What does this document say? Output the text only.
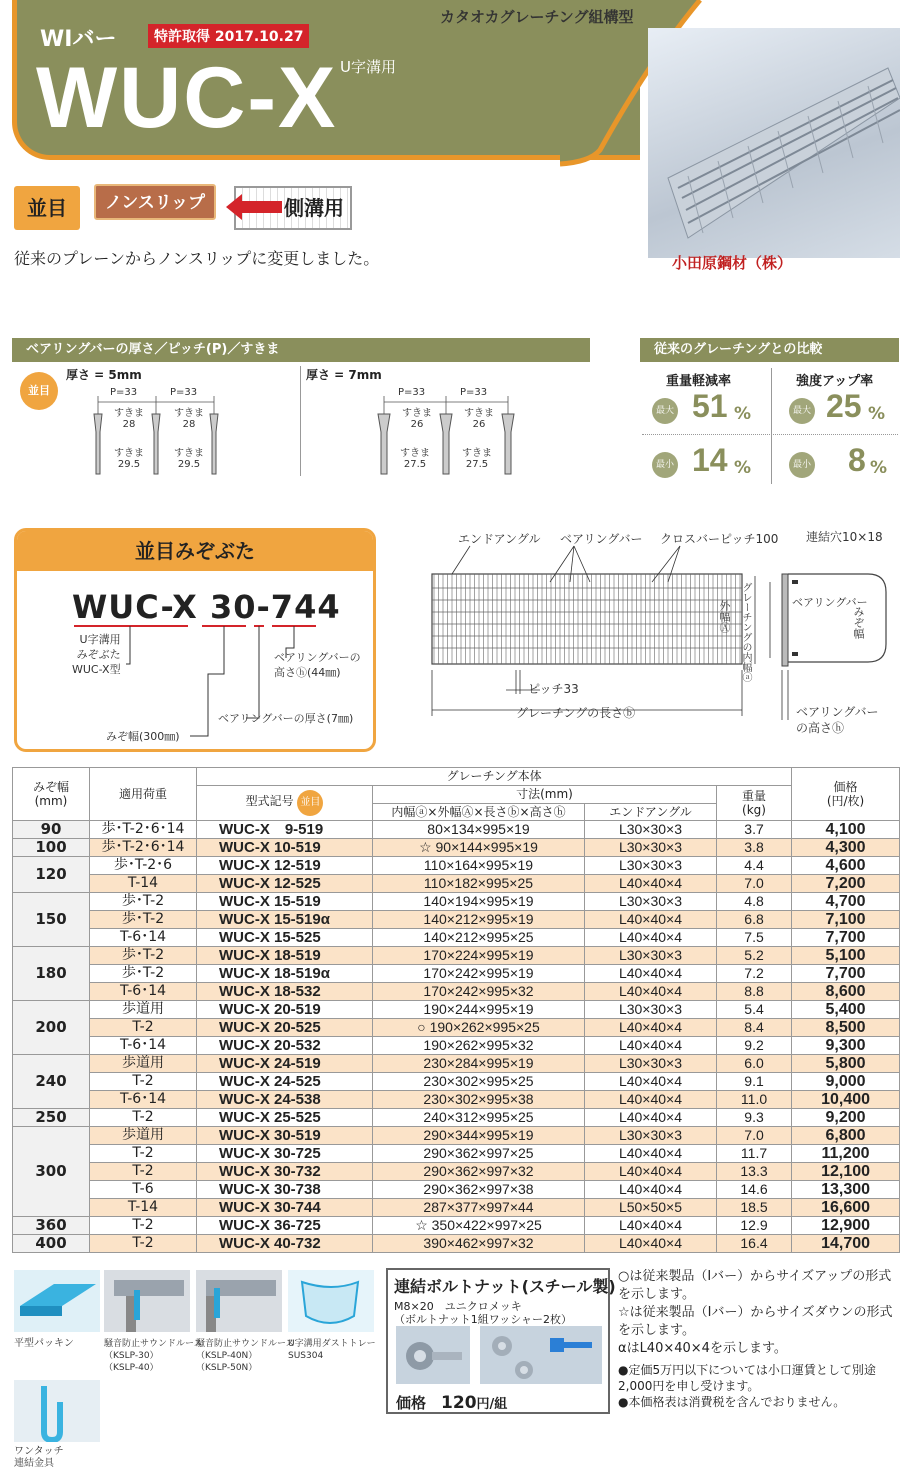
WIバー	特許取得 2017.10.27
WUC-X U字溝用
カタオカグレーチング組構型
小田原鋼材（株）
並目	ノンスリップ	側溝用
従来のプレーンからノンスリップに変更しました。
ベアリングバーの厚さ／ピッチ(P)／すきま	従来のグレーチングとの比較
並目
厚さ = 5mm	厚さ = 7mm
P=33	P=33
すきま
28
すきま
28
すきま
29.5
すきま
29.5
P=33	P=33
すきま
26
すきま
26
すきま
27.5
すきま
27.5
重量軽減率	強度アップ率
最大 51 %	最大 25 %
最小 14 %	最小 8 %
並目みぞぶた
WUC-X 30-744
U字溝用
みぞぶた
WUC-X型
ベアリングバーの
高さⓗ(44㎜)
ベアリングバーの厚さ(7㎜)
みぞ幅(300㎜)
エンドアングル ベアリングバー クロスバーピッチ100 連結穴10×18
ピッチ33
グレーチングの長さⓑ
外幅Ⓐ グレーチングの内幅ⓐ	ベアリングバー
みぞ幅
ベアリングバー
の高さⓗ
みぞ幅
(mm)	適用荷重	グレーチング本体				価格
(円/枚)
		型式記号 並目	寸法(mm)		重量
(kg)	
			内幅ⓐ×外幅Ⓐ×長さⓑ×高さⓗ	エンドアングル		
90	歩･T-2･6･14	WUC-X　9-519	80×134×995×19	L30×30×3	3.7	4,100
100	歩･T-2･6･14	WUC-X 10-519	☆ 90×144×995×19	L30×30×3	3.8	4,300
120	歩･T-2･6	WUC-X 12-519	110×164×995×19	L30×30×3	4.4	4,600
	T-14	WUC-X 12-525	110×182×995×25	L40×40×4	7.0	7,200
150	歩･T-2	WUC-X 15-519	140×194×995×19	L30×30×3	4.8	4,700
	歩･T-2	WUC-X 15-519α	140×212×995×19	L40×40×4	6.8	7,100
	T-6･14	WUC-X 15-525	140×212×995×25	L40×40×4	7.5	7,700
180	歩･T-2	WUC-X 18-519	170×224×995×19	L30×30×3	5.2	5,100
	歩･T-2	WUC-X 18-519α	170×242×995×19	L40×40×4	7.2	7,700
	T-6･14	WUC-X 18-532	170×242×995×32	L40×40×4	8.8	8,600
200	歩道用	WUC-X 20-519	190×244×995×19	L30×30×3	5.4	5,400
	T-2	WUC-X 20-525	○ 190×262×995×25	L40×40×4	8.4	8,500
	T-6･14	WUC-X 20-532	190×262×995×32	L40×40×4	9.2	9,300
240	歩道用	WUC-X 24-519	230×284×995×19	L30×30×3	6.0	5,800
	T-2	WUC-X 24-525	230×302×995×25	L40×40×4	9.1	9,000
	T-6･14	WUC-X 24-538	230×302×995×38	L40×40×4	11.0	10,400
250	T-2	WUC-X 25-525	240×312×995×25	L40×40×4	9.3	9,200
300	歩道用	WUC-X 30-519	290×344×995×19	L30×30×3	7.0	6,800
	T-2	WUC-X 30-725	290×362×997×25	L40×40×4	11.7	11,200
	T-2	WUC-X 30-732	290×362×997×32	L40×40×4	13.3	12,100
	T-6	WUC-X 30-738	290×362×997×38	L40×40×4	14.6	13,300
	T-14	WUC-X 30-744	287×377×997×44	L50×50×5	18.5	16,600
360	T-2	WUC-X 36-725	☆ 350×422×997×25	L40×40×4	12.9	12,900
400	T-2	WUC-X 40-732	390×462×997×32	L40×40×4	16.4	14,700
平型パッキン	騒音防止サウンドルース
（KSLP-30）
（KSLP-40）
騒音防止サウンドルース
（KSLP-40N）
（KSLP-50N）
U字溝用ダストトレー
SUS304
ワンタッチ
連結金具
連結ボルトナット(スチール製)
M8×20　ユニクロメッキ
（ボルトナット1組ワッシャー2枚）
価格　 120円/組
○は従来製品（Iバー）からサイズアップの形式を示します。
☆は従来製品（Iバー）からサイズダウンの形式を示します。
αはL40×40×4を示します。
●定価5万円以下については小口運賃として別途2,000円を申し受けます。
●本価格表は消費税を含んでおりません。
